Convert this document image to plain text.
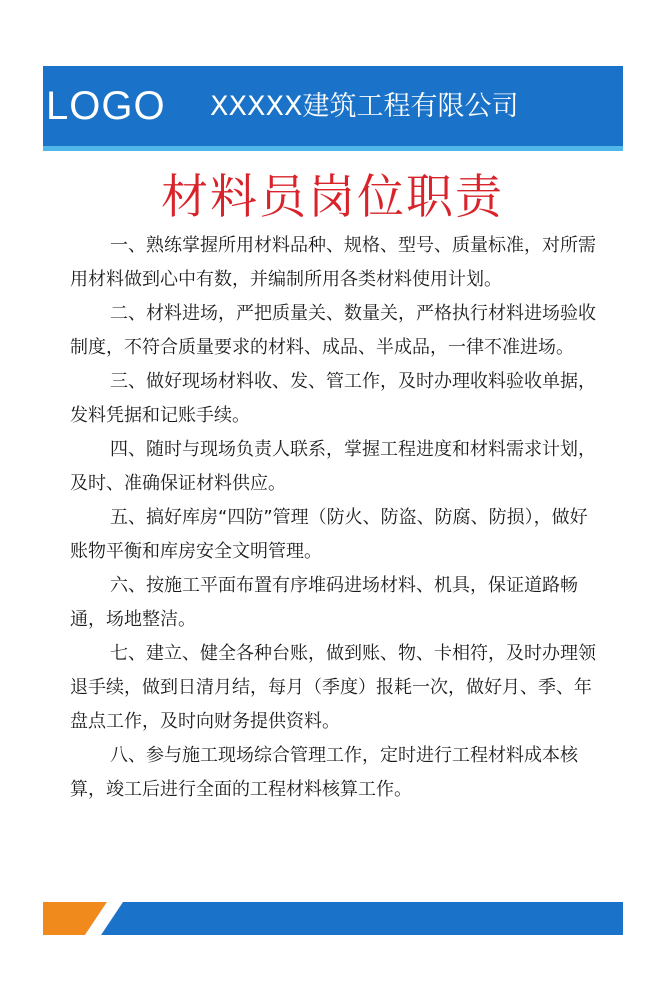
LOGO XXXXX建筑工程有限公司
材料员岗位职责

一、熟练掌握所用材料品种、规格、型号、质量标准，对所需用材料做到心中有数，并编制所用各类材料使用计划。

二、材料进场，严把质量关、数量关，严格执行材料进场验收制度，不符合质量要求的材料、成品、半成品，一律不准进场。

三、做好现场材料收、发、管工作，及时办理收料验收单据，发料凭据和记账手续。

四、随时与现场负责人联系，掌握工程进度和材料需求计划，及时、准确保证材料供应。

五、搞好库房“四防”管理（防火、防盗、防腐、防损），做好账物平衡和库房安全文明管理。

六、按施工平面布置有序堆码进场材料、机具，保证道路畅通，场地整洁。

七、建立、健全各种台账，做到账、物、卡相符，及时办理领退手续，做到日清月结，每月（季度）报耗一次，做好月、季、年盘点工作，及时向财务提供资料。

八、参与施工现场综合管理工作，定时进行工程材料成本核算，竣工后进行全面的工程材料核算工作。
